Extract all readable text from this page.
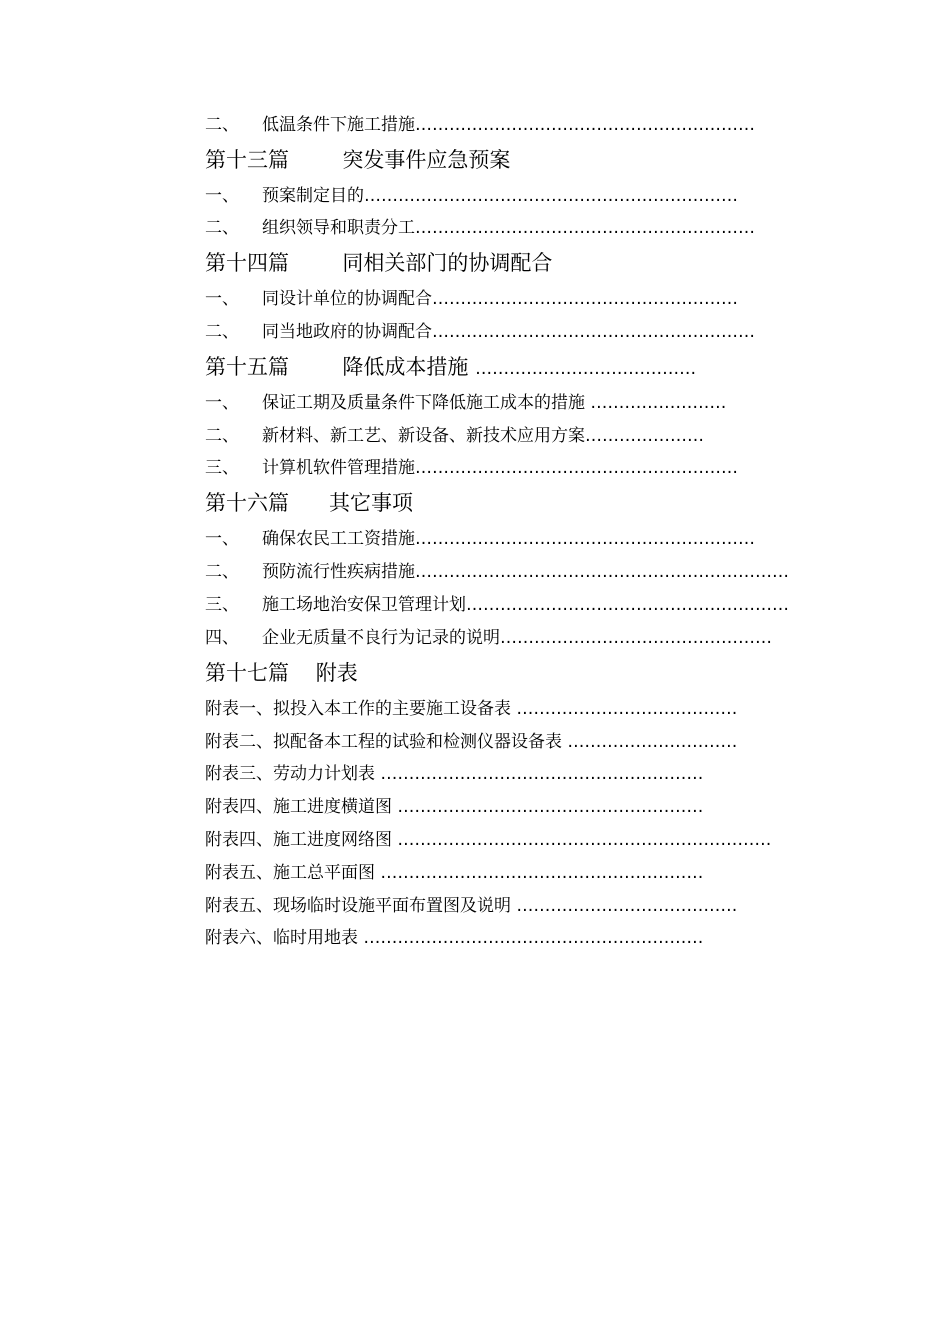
二、 低温条件下施工措施……………………………………………………
第十三篇        突发事件应急预案
一、 预案制定目的…………………………………………………………
二、 组织领导和职责分工……………………………………………………
第十四篇        同相关部门的协调配合
一、 同设计单位的协调配合………………………………………………
二、 同当地政府的协调配合…………………………………………………
第十五篇        降低成本措施 …………………………………
一、 保证工期及质量条件下降低施工成本的措施 ……………………
二、 新材料、新工艺、新设备、新技术应用方案…………………
三、 计算机软件管理措施…………………………………………………
第十六篇      其它事项
一、 确保农民工工资措施……………………………………………………
二、 预防流行性疾病措施…………………………………………………………
三、 施工场地治安保卫管理计划…………………………………………………
四、 企业无质量不良行为记录的说明…………………………………………
第十七篇    附表
附表一、拟投入本工作的主要施工设备表 …………………………………
附表二、拟配备本工程的试验和检测仪器设备表 …………………………
附表三、劳动力计划表 …………………………………………………
附表四、施工进度横道图 ………………………………………………
附表四、施工进度网络图 …………………………………………………………
附表五、施工总平面图 …………………………………………………
附表五、现场临时设施平面布置图及说明 …………………………………
附表六、临时用地表 ……………………………………………………
